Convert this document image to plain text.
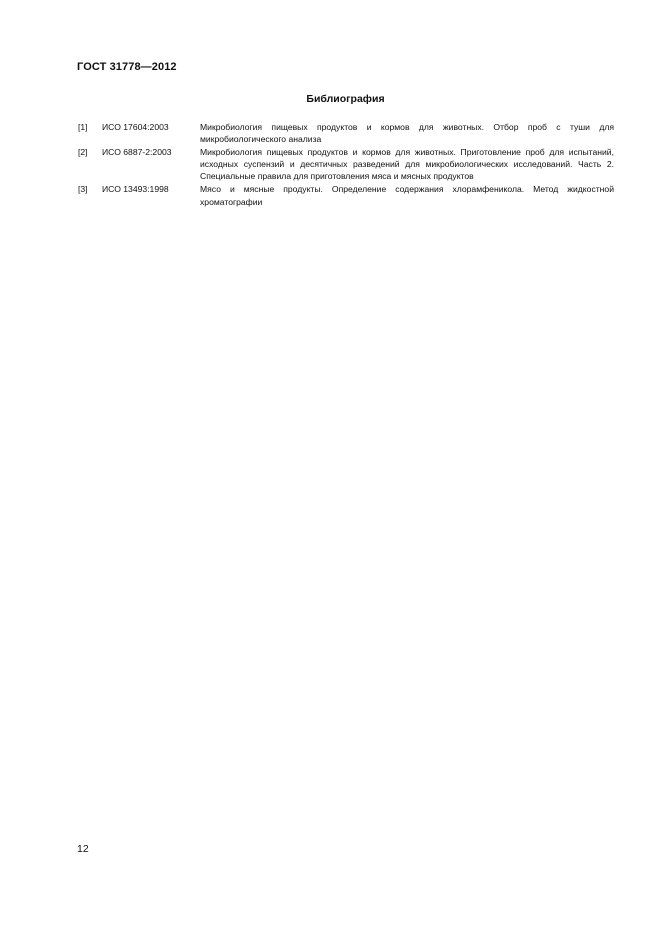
ГОСТ 31778—2012
Библиография
[1]	ИСО 17604:2003	Микробиология пищевых продуктов и кормов для животных. Отбор проб с туши для микробиологического анализа
[2]	ИСО 6887-2:2003	Микробиология пищевых продуктов и кормов для животных. Приготовление проб для испытаний, исходных суспензий и десятичных разведений для микробиологических исследований. Часть 2. Специальные правила для приготовления мяса и мясных продуктов
[3]	ИСО 13493:1998	Мясо и мясные продукты. Определение содержания хлорамфеникола. Метод жидкостной хроматографии
12
